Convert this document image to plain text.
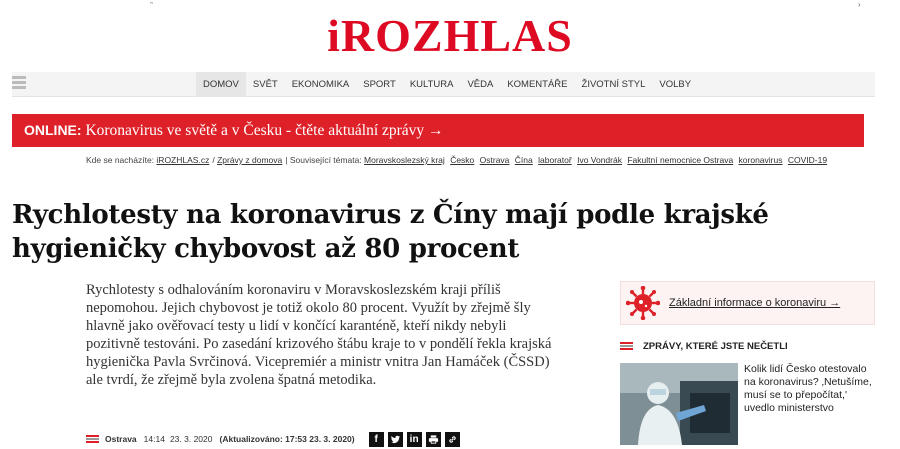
ᵔ	›
iROZHLAS
DOMOV	SVĚT	EKONOMIKA	SPORT	KULTURA	VĚDA	KOMENTÁŘE	ŽIVOTNÍ STYL	VOLBY
ONLINE: Koronavirus ve světě a v Česku - čtěte aktuální zprávy →
Kde se nacházíte: iROZHLAS.cz / Zprávy z domova | Související témata: Moravskoslezský kraj Česko Ostrava Čína laboratoř Ivo Vondrák Fakultní nemocnice Ostrava koronavirus COVID-19
Rychlotesty na koronavirus z Číny mají podle krajské hygieničky chybovost až 80 procent

Rychlotesty s odhalováním koronaviru v Moravskoslezském kraji příliš nepomohou. Jejich chybovost je totiž okolo 80 procent. Využít by zřejmě šly hlavně jako ověřovací testy u lidí v končící karanténě, kteří nikdy nebyli pozitivně testováni. Po zasedání krizového štábu kraje to v pondělí řekla krajská hygienička Pavla Svrčinová. Vicepremiér a ministr vnitra Jan Hamáček (ČSSD) ale tvrdí, že zřejmě byla zvolena špatná metodika.

Ostrava 14:14 23. 3. 2020 (Aktualizováno: 17:53 23. 3. 2020)	f	in
Základní informace o koronaviru →
ZPRÁVY, KTERÉ JSTE NEČETLI
Kolik lidí Česko otestovalo na koronavirus? ‚Netušíme, musí se to přepočítat,' uvedlo ministerstvo
